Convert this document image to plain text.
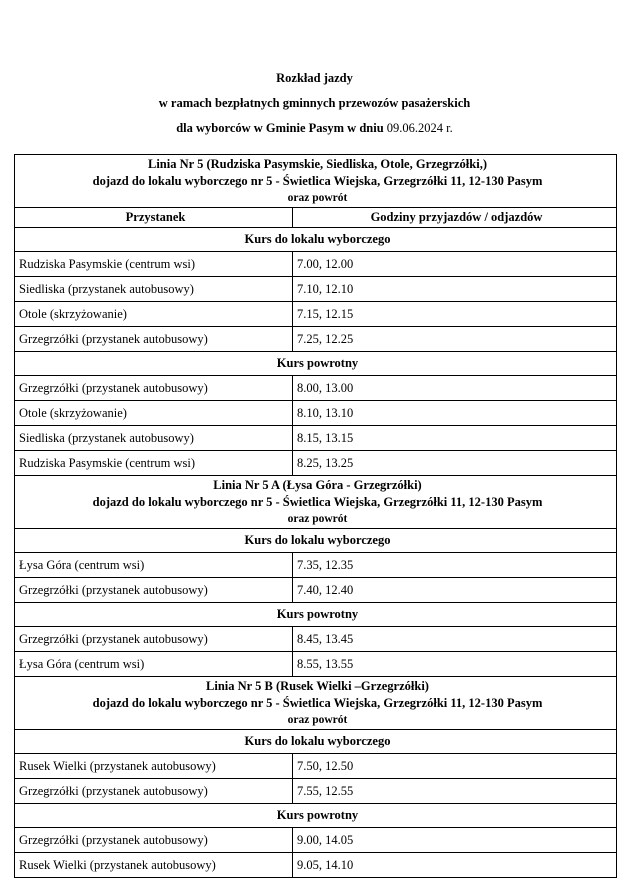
Rozkład jazdy
w ramach bezpłatnych gminnych przewozów pasażerskich
dla wyborców w Gminie Pasym w dniu 09.06.2024 r.
Linia Nr 5 (Rudziska Pasymskie, Siedliska, Otole, Grzegrzółki,)
dojazd do lokalu wyborczego nr 5 - Świetlica Wiejska, Grzegrzółki 11, 12-130 Pasym
oraz powrót	

Przystanek	Godziny przyjazdów / odjazdów
Kurs do lokalu wyborczego	
Rudziska Pasymskie (centrum wsi)	7.00, 12.00
Siedliska (przystanek autobusowy)	7.10, 12.10
Otole (skrzyżowanie)	7.15, 12.15
Grzegrzółki (przystanek autobusowy)	7.25, 12.25
Kurs powrotny	
Grzegrzółki (przystanek autobusowy)	8.00, 13.00
Otole (skrzyżowanie)	8.10, 13.10
Siedliska (przystanek autobusowy)	8.15, 13.15
Rudziska Pasymskie (centrum wsi)	8.25, 13.25

Linia Nr 5 A (Łysa Góra - Grzegrzółki)
dojazd do lokalu wyborczego nr 5 - Świetlica Wiejska, Grzegrzółki 11, 12-130 Pasym
oraz powrót	

Kurs do lokalu wyborczego	
Łysa Góra (centrum wsi)	7.35, 12.35
Grzegrzółki (przystanek autobusowy)	7.40, 12.40
Kurs powrotny	
Grzegrzółki (przystanek autobusowy)	8.45, 13.45
Łysa Góra (centrum wsi)	8.55, 13.55

Linia Nr 5 B (Rusek Wielki –Grzegrzółki)
dojazd do lokalu wyborczego nr 5 - Świetlica Wiejska, Grzegrzółki 11, 12-130 Pasym
oraz powrót	

Kurs do lokalu wyborczego	
Rusek Wielki (przystanek autobusowy)	7.50, 12.50
Grzegrzółki (przystanek autobusowy)	7.55, 12.55
Kurs powrotny	
Grzegrzółki (przystanek autobusowy)	9.00, 14.05
Rusek Wielki (przystanek autobusowy)	9.05, 14.10
